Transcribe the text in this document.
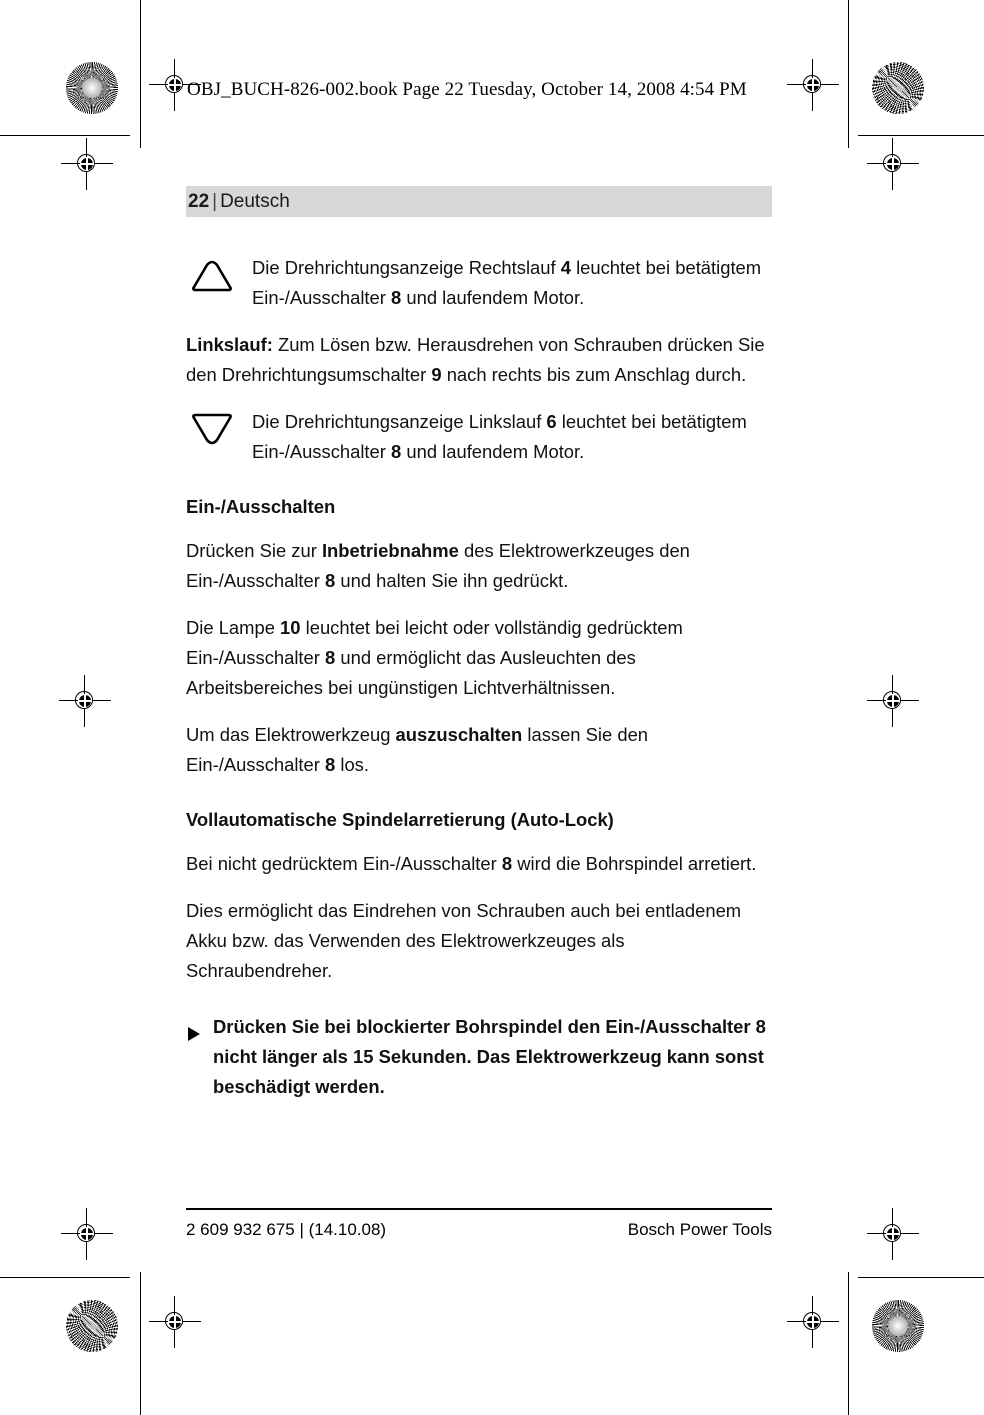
OBJ_BUCH-826-002.book Page 22 Tuesday, October 14, 2008 4:54 PM
22 | Deutsch

Die Drehrichtungsanzeige Rechtslauf 4 leuchtet bei betätigtem Ein-/Ausschalter 8 und laufendem Motor.

Linkslauf: Zum Lösen bzw. Herausdrehen von Schrauben drücken Sie den Drehrichtungsumschalter 9 nach rechts bis zum Anschlag durch.

Die Drehrichtungsanzeige Linkslauf 6 leuchtet bei betätigtem Ein-/Ausschalter 8 und laufendem Motor.

Ein-/Ausschalten

Drücken Sie zur Inbetriebnahme des Elektrowerkzeuges den Ein-/Ausschalter 8 und halten Sie ihn gedrückt.

Die Lampe 10 leuchtet bei leicht oder vollständig gedrücktem Ein-/Ausschalter 8 und ermöglicht das Ausleuchten des Arbeitsbereiches bei ungünstigen Lichtverhältnissen.

Um das Elektrowerkzeug auszuschalten lassen Sie den Ein-/Ausschalter 8 los.

Vollautomatische Spindelarretierung (Auto-Lock)

Bei nicht gedrücktem Ein-/Ausschalter 8 wird die Bohrspindel arretiert.

Dies ermöglicht das Eindrehen von Schrauben auch bei entladenem Akku bzw. das Verwenden des Elektrowerkzeuges als Schraubendreher.

Drücken Sie bei blockierter Bohrspindel den Ein-/Ausschalter 8 nicht länger als 15 Sekunden. Das Elektrowerkzeug kann sonst beschädigt werden.
2 609 932 675 | (14.10.08)	Bosch Power Tools
